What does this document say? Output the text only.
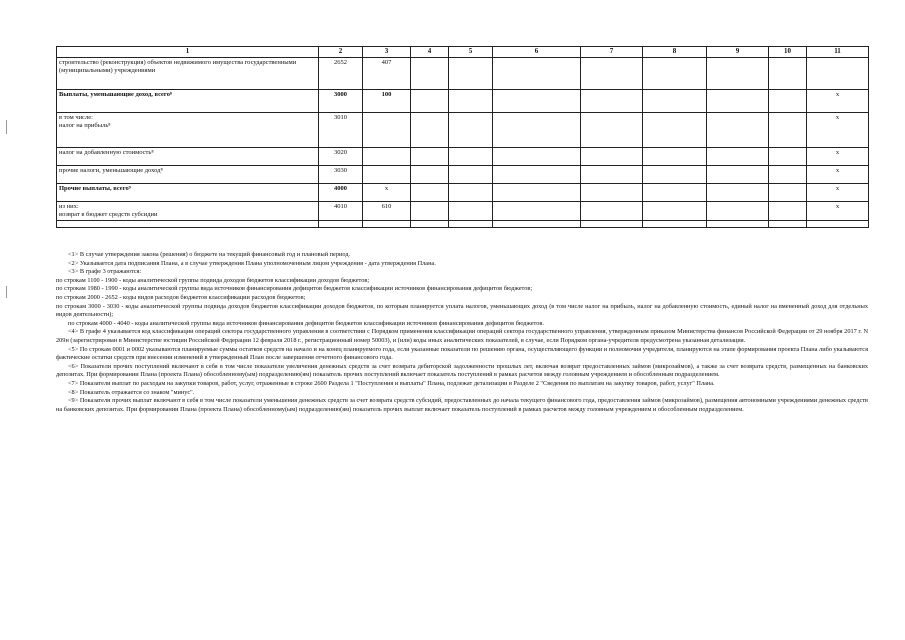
1	2	3	4	5	6	7	8	9	10	11
строительство (реконструкция) объектов недвижимого имущества государственными (муниципальными) учреждениями	2652	407								
Выплаты, уменьшающие доход, всего⁸	3000	100								x
в том числе:
налог на прибыль⁸	3010									x
налог на добавленную стоимость⁸	3020									x
прочие налоги, уменьшающие доход⁸	3030									x
Прочие выплаты, всего⁹	4000	x								x
из них:
возврат в бюджет средств субсидии	4010	610								x

<1> В случае утверждения закона (решения) о бюджете на текущий финансовый год и плановый период.

<2> Указывается дата подписания Плана, а в случае утверждения Плана уполномоченным лицом учреждения - дата утверждения Плана.

<3> В графе 3 отражаются:

по строкам 1100 - 1900 - коды аналитической группы подвида доходов бюджетов классификации доходов бюджетов;

по строкам 1980 - 1990 - коды аналитической группы вида источников финансирования дефицитов бюджетов классификации источников финансирования дефицитов бюджетов;

по строкам 2000 - 2652 - коды видов расходов бюджетов классификации расходов бюджетов;

по строкам 3000 - 3030 - коды аналитической группы подвида доходов бюджетов классификации доходов бюджетов, по которым планируется уплата налогов, уменьшающих доход (в том числе налог на прибыль, налог на добавленную стоимость, единый налог на вмененный доход для отдельных видов деятельности);

по строкам 4000 - 4040 - коды аналитической группы вида источников финансирования дефицитов бюджетов классификации источников финансирования дефицитов бюджетов.

<4> В графе 4 указывается код классификации операций сектора государственного управления в соответствии с Порядком применения классификации операций сектора государственного управления, утвержденным приказом Министерства финансов Российской Федерации от 29 ноября 2017 г. N 209н (зарегистрирован в Министерстве юстиции Российской Федерации 12 февраля 2018 г., регистрационный номер 50003), и (или) коды иных аналитических показателей, в случае, если Порядком органа-учредителя предусмотрена указанная детализация.

<5> По строкам 0001 и 0002 указываются планируемые суммы остатков средств на начало и на конец планируемого года, если указанные показатели по решению органа, осуществляющего функции и полномочия учредителя, планируются на этапе формирования проекта Плана либо указываются фактические остатки средств при внесении изменений в утвержденный План после завершения отчетного финансового года.

<6> Показатели прочих поступлений включают в себя в том числе показатели увеличения денежных средств за счет возврата дебиторской задолженности прошлых лет, включая возврат предоставленных займов (микрозаймов), а также за счет возврата средств, размещенных на банковских депозитах. При формировании Плана (проекта Плана) обособленному(ым) подразделению(ям) показатель прочих поступлений включает показатель поступлений в рамках расчетов между головным учреждением и обособленным подразделением.

<7> Показатели выплат по расходам на закупки товаров, работ, услуг, отраженные в строке 2600 Раздела 1 "Поступления и выплаты" Плана, подлежат детализации в Разделе 2 "Сведения по выплатам на закупку товаров, работ, услуг" Плана.

<8> Показатель отражается со знаком "минус".

<9> Показатели прочих выплат включают в себя в том числе показатели уменьшения денежных средств за счет возврата средств субсидий, предоставленных до начала текущего финансового года, предоставления займов (микрозаймов), размещения автономными учреждениями денежных средств на банковских депозитах. При формировании Плана (проекта Плана) обособленному(ым) подразделению(ям) показатель прочих выплат включает показатель поступлений в рамках расчетов между головным учреждением и обособленным подразделением.
